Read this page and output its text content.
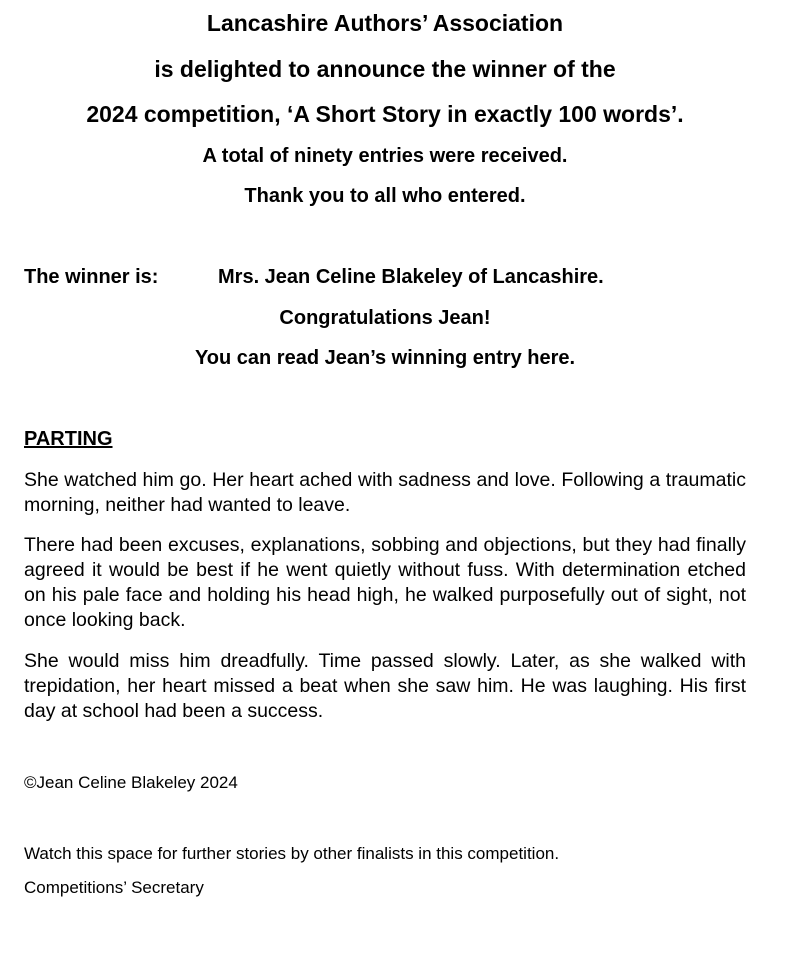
Lancashire Authors’ Association
is delighted to announce the winner of the
2024 competition, ‘A Short Story in exactly 100 words’.
A total of ninety entries were received.
Thank you to all who entered.
The winner is:	Mrs. Jean Celine Blakeley of Lancashire.
Congratulations Jean!
You can read Jean’s winning entry here.
PARTING
She watched him go. Her heart ached with sadness and love. Following a traumatic morning, neither had wanted to leave.
There had been excuses, explanations, sobbing and objections, but they had finally agreed it would be best if he went quietly without fuss. With determination etched on his pale face and holding his head high, he walked purposefully out of sight, not once looking back.
She would miss him dreadfully. Time passed slowly. Later, as she walked with trepidation, her heart missed a beat when she saw him. He was laughing. His first day at school had been a success.
©Jean Celine Blakeley 2024
Watch this space for further stories by other finalists in this competition.
Competitions’ Secretary
